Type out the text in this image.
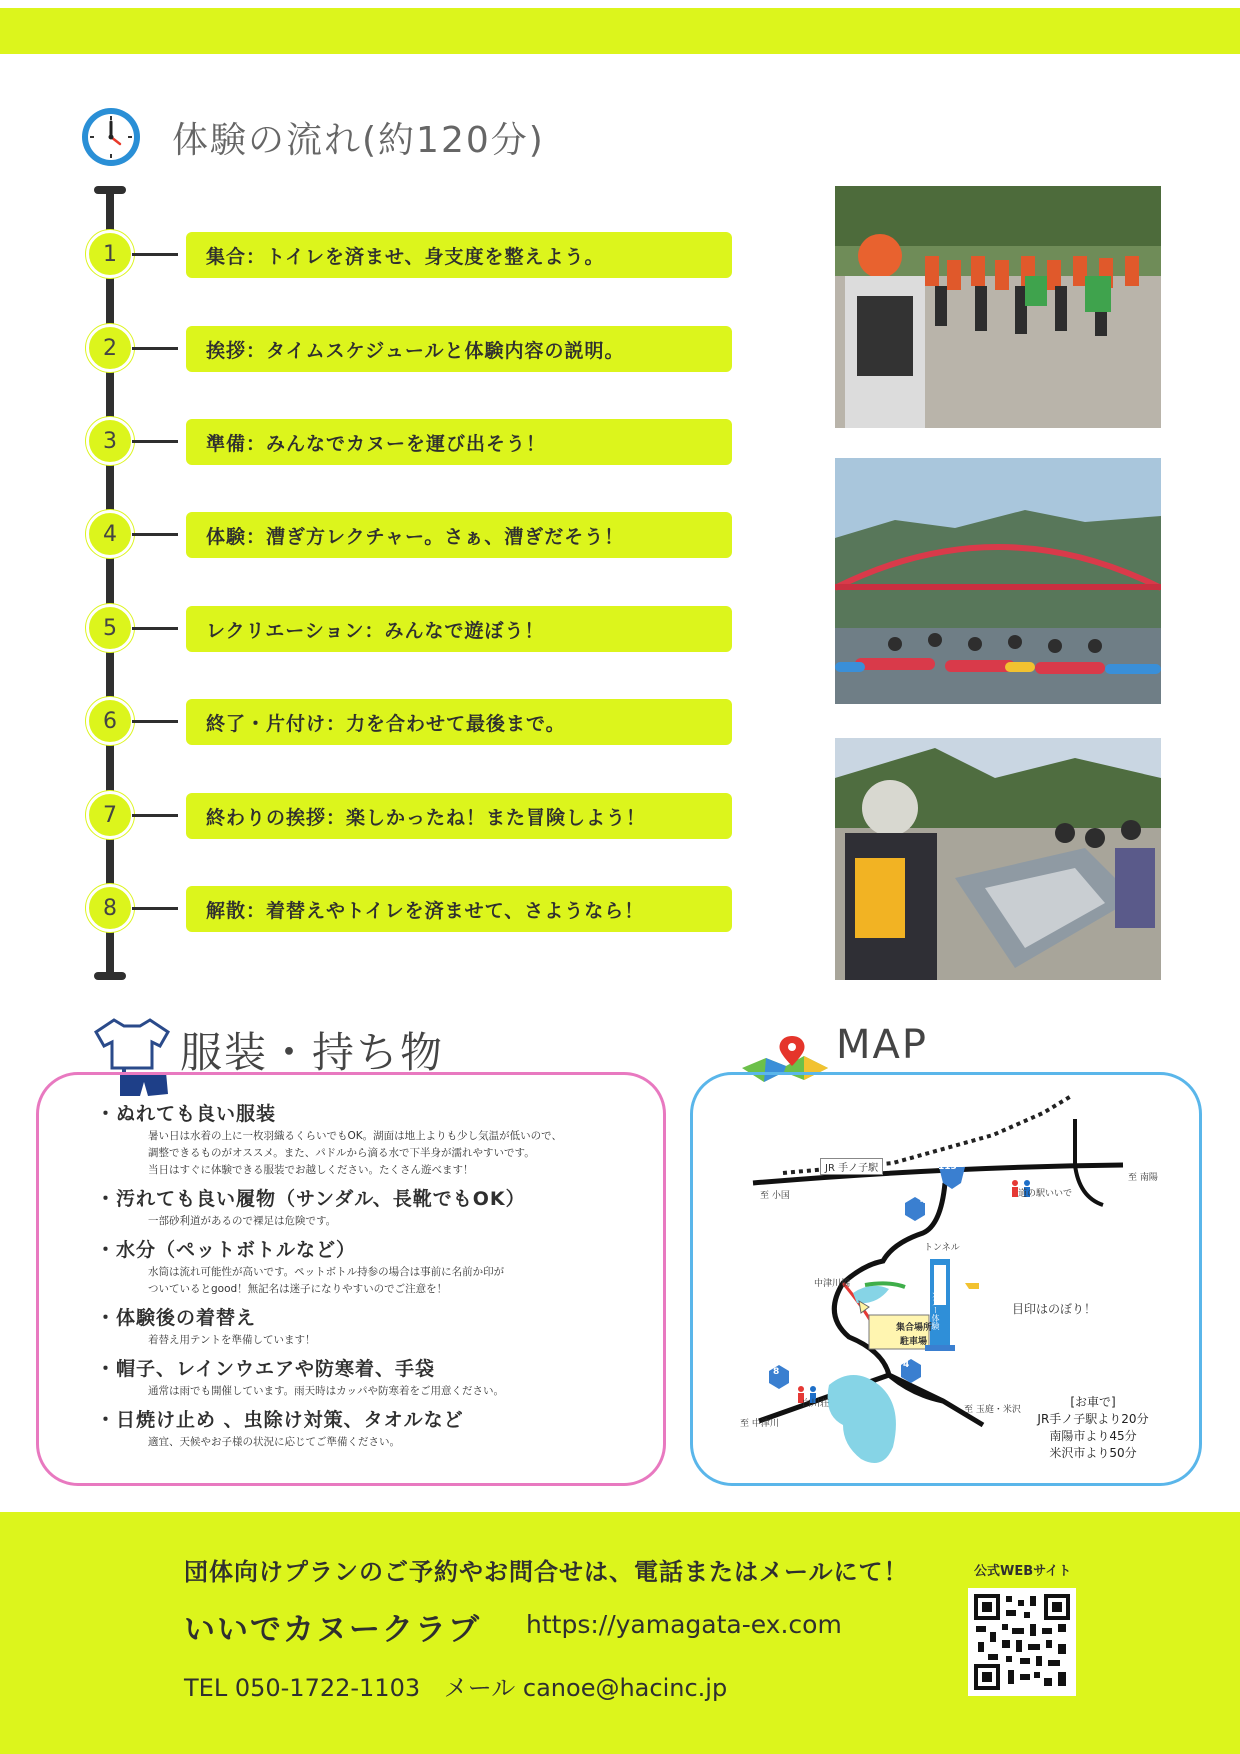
体験の流れ(約120分)
1	集合：トイレを済ませ、身支度を整えよう。
2	挨拶：タイムスケジュールと体験内容の説明。
3	準備：みんなでカヌーを運び出そう！
4	体験：漕ぎ方レクチャー。さぁ、漕ぎだそう！
5	レクリエーション：みんなで遊ぼう！
6	終了・片付け：力を合わせて最後まで。
7	終わりの挨拶：楽しかったね！また冒険しよう！
8	解散：着替えやトイレを済ませて、さようなら！
服装・持ち物
・ぬれても良い服装
暑い日は水着の上に一枚羽織るくらいでもOK。湖面は地上よりも少し気温が低いので、
調整できるものがオススメ。また、パドルから滴る水で下半身が濡れやすいです。
当日はすぐに体験できる服装でお越しください。たくさん遊べます！
・汚れても良い履物（サンダル、長靴でもOK）
一部砂利道があるので裸足は危険です。
・水分（ペットボトルなど）
水筒は流れ可能性が高いです。ペットボトル持参の場合は事前に名前か印が
ついているとgood！無記名は迷子になりやすいのでご注意を！
・体験後の着替え
着替え用テントを準備しています！
・帽子、レインウエアや防寒着、手袋
通常は雨でも開催しています。雨天時はカッパや防寒着をご用意ください。
・日焼け止め 、虫除け対策、タオルなど
適宜、天候やお子様の状況に応じてご準備ください。
MAP
JR 手ノ子駅
至 小国
至 南陽
113
4
4
8
道の駅いいで
トンネル
中津川橋
集合場所
駐車場
目印はのぼり！
カヌー体験
白川荘
至 中津川
至 玉庭・米沢
[お車で]
JR手ノ子駅より20分
南陽市より45分
米沢市より50分
団体向けプランのご予約やお問合せは、電話またはメールにて！
いいでカヌークラブ https://yamagata-ex.com
TEL 050-1722-1103 メール canoe@hacinc.jp
公式WEBサイト
